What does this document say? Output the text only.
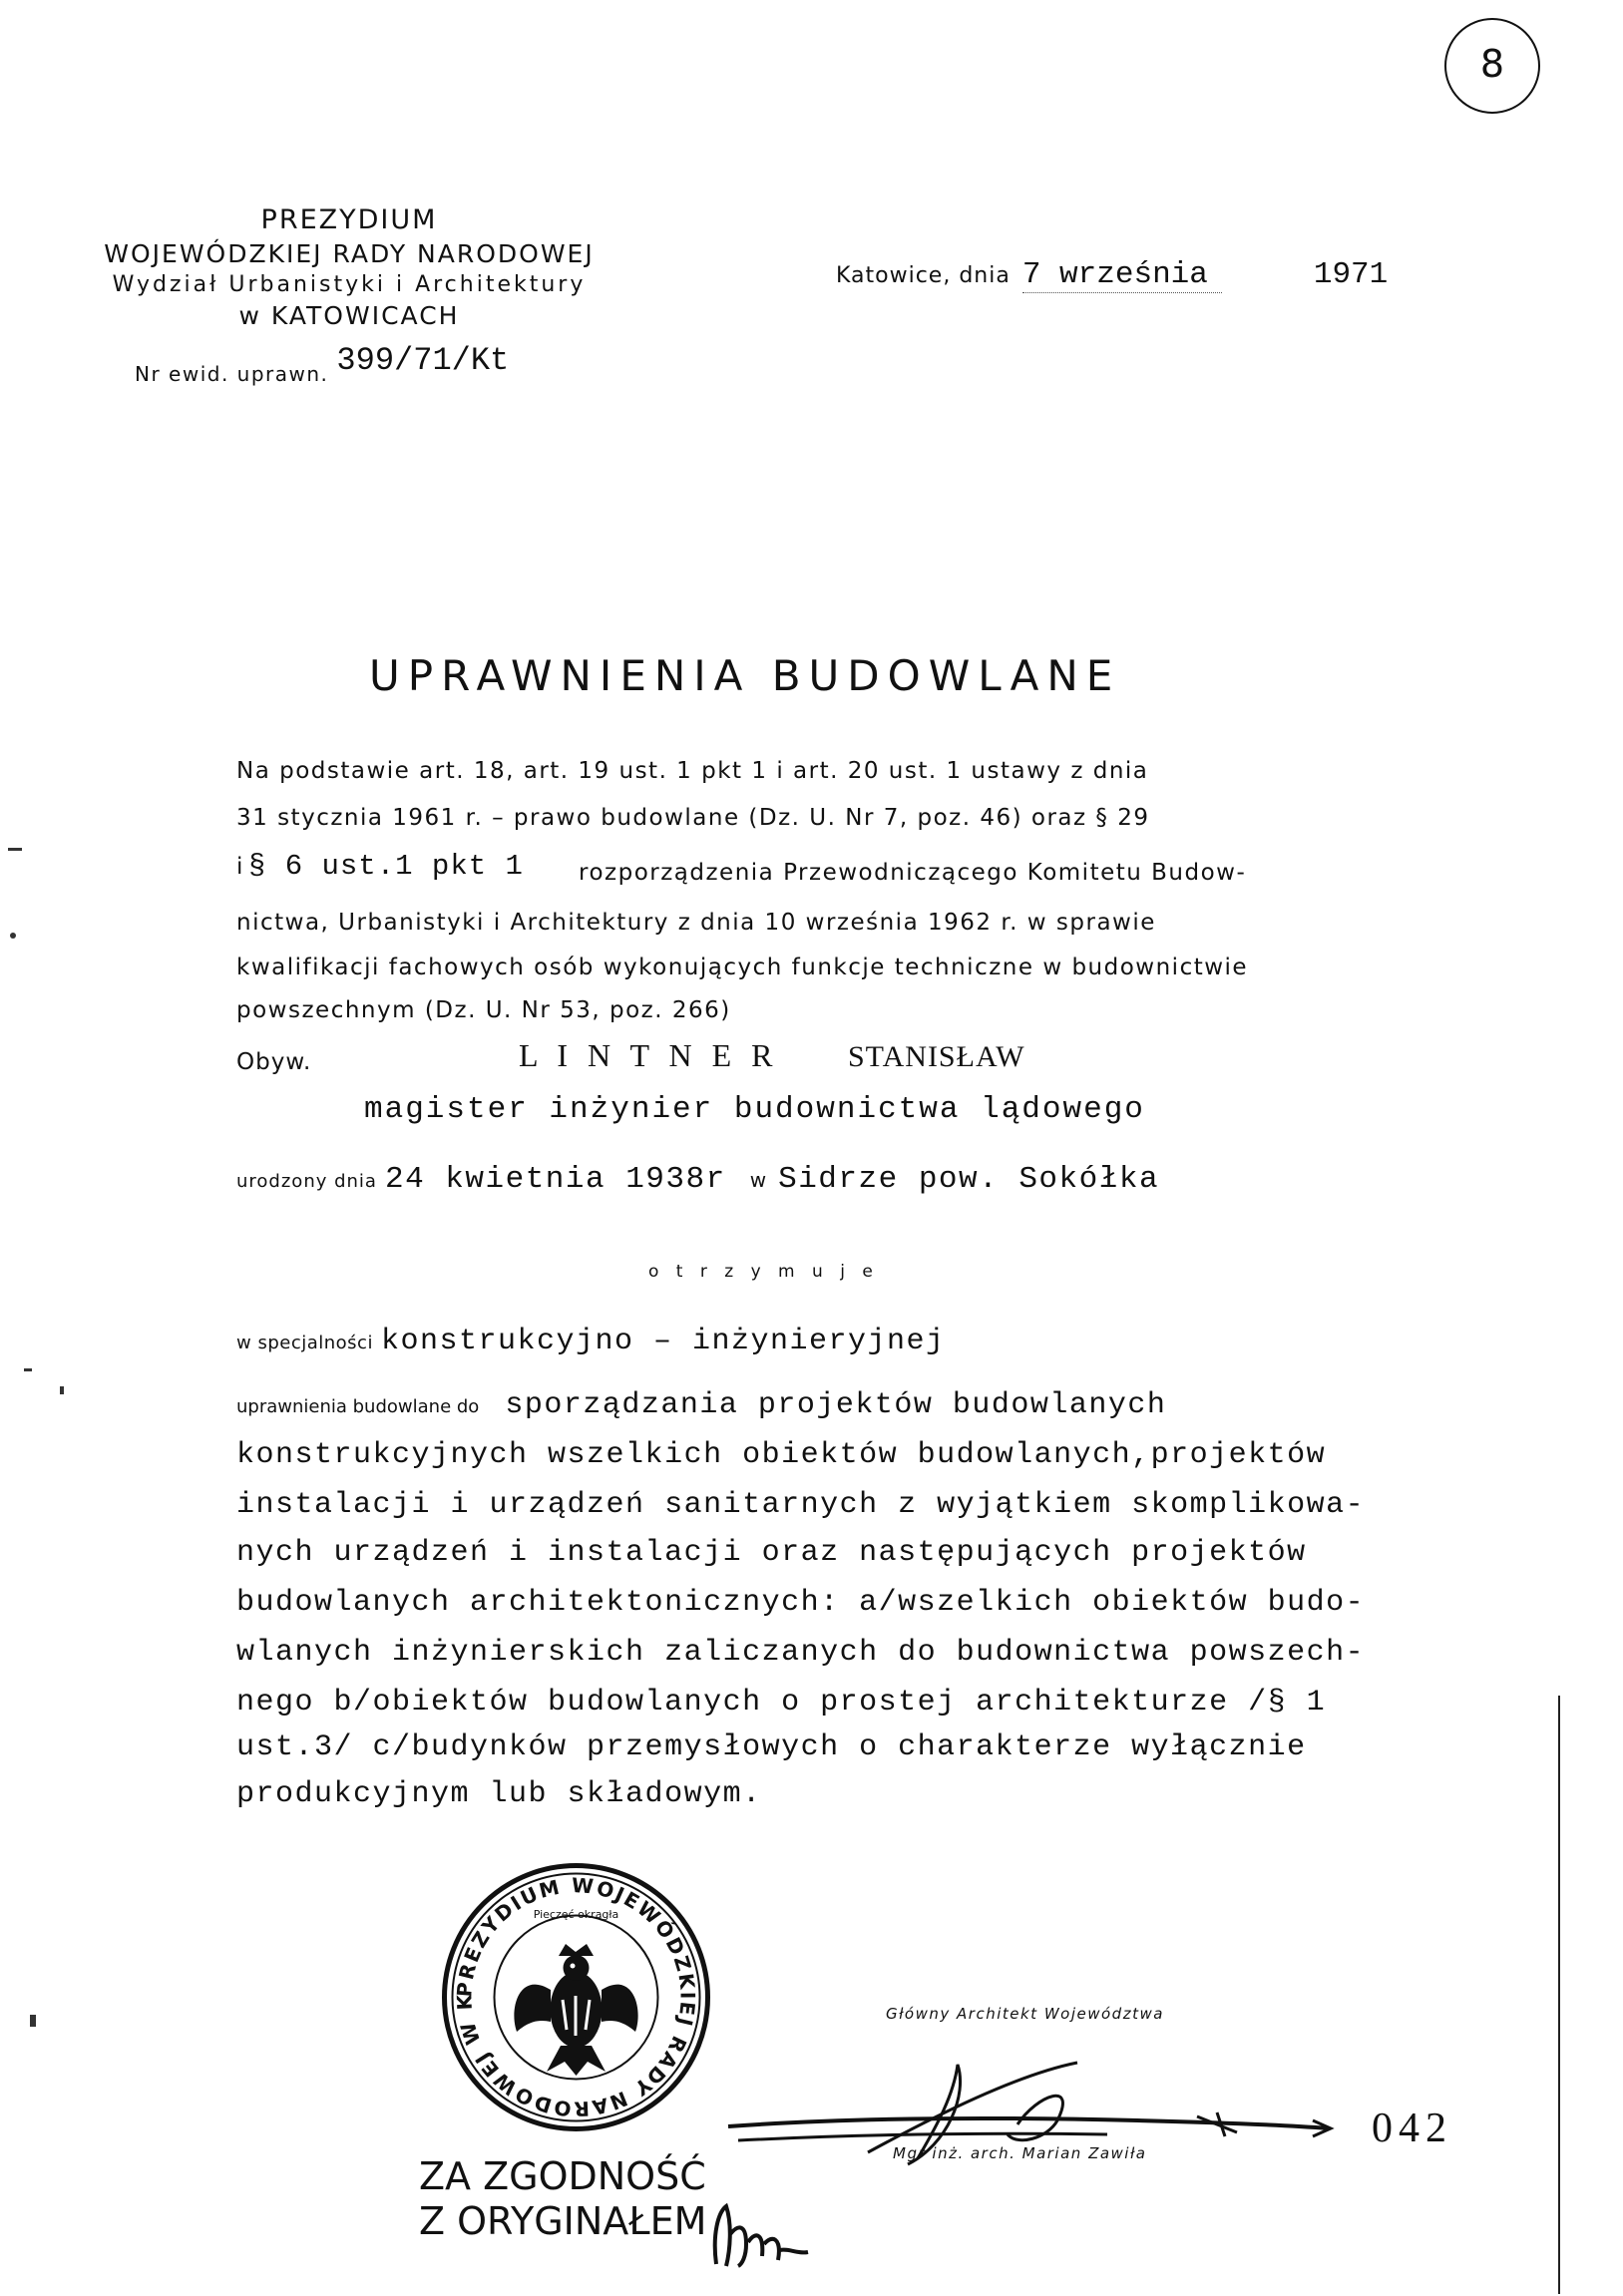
8
PREZYDIUM
WOJEWÓDZKIEJ RADY NARODOWEJ
Wydział Urbanistyki i Architektury
w KATOWICACH
Nr ewid. uprawn. 399/71/Kt
Katowice, dnia 7 września	1971
UPRAWNIENIA BUDOWLANE
Na podstawie art. 18, art. 19 ust. 1 pkt 1 i art. 20 ust. 1 ustawy z dnia
31 stycznia 1961 r. – prawo budowlane (Dz. U. Nr 7, poz. 46) oraz § 29
i § 6 ust.1 pkt 1 rozporządzenia Przewodniczącego Komitetu Budow-
nictwa, Urbanistyki i Architektury z dnia 10 września 1962 r. w sprawie
kwalifikacji fachowych osób wykonujących funkcje techniczne w budownictwie
powszechnym (Dz. U. Nr 53, poz. 266)
Obyw.	L I N T N E R STANISŁAW
magister inżynier budownictwa lądowego
urodzony dnia 24 kwietnia 1938r w Sidrze pow. Sokółka
o t r z y m u j e
w specjalności konstrukcyjno – inżynieryjnej
uprawnienia budowlane do sporządzania projektów budowlanych
konstrukcyjnych wszelkich obiektów budowlanych,projektów
instalacji i urządzeń sanitarnych z wyjątkiem skomplikowa-
nych urządzeń i instalacji oraz następujących projektów
budowlanych architektonicznych: a/wszelkich obiektów budo-
wlanych inżynierskich zaliczanych do budownictwa powszech-
nego b/obiektów budowlanych o prostej architekturze /§ 1
ust.3/ c/budynków przemysłowych o charakterze wyłącznie
produkcyjnym lub składowym.
PREZYDIUM WOJEWÓDZKIEJ RADY NARODOWEJ W K
Pieczęć okrągła
Główny Architekt Województwa
Mgr inż. arch. Marian Zawiła
042
ZA ZGODNOŚĆ
Z ORYGINAŁEM
